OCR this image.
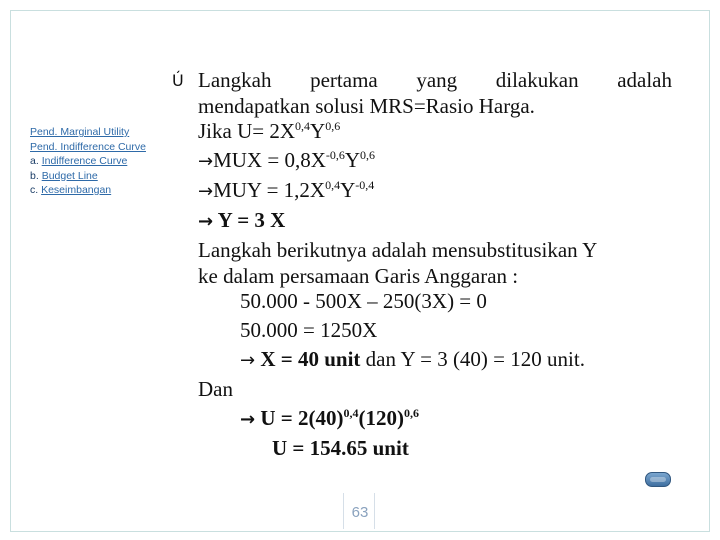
Pend. Marginal Utility
Pend. Indifference Curve
a. Indifference Curve
b. Budget Line
c. Keseimbangan
Ú Langkah pertama yang dilakukan adalah
mendapatkan solusi MRS=Rasio Harga.
Jika $U= 2X^{0,4}Y^{0,6}$
$\to MUX = 0,8X^{-0,6}Y^{0,6}$
$\to MUY = 1,2X^{0,4}Y^{-0,4}$
→ Y = 3 X
Langkah berikutnya adalah mensubstitusikan Y
ke dalam persamaan Garis Anggaran :
50.000 - 500X – 250(3X) = 0
50.000 = 1250X
→ X = 40 unit dan Y = 3 (40) = 120 unit.
Dan
→ $U = 2(40)^{0,4}(120)^{0,6}$
U = 154.65 unit
63
